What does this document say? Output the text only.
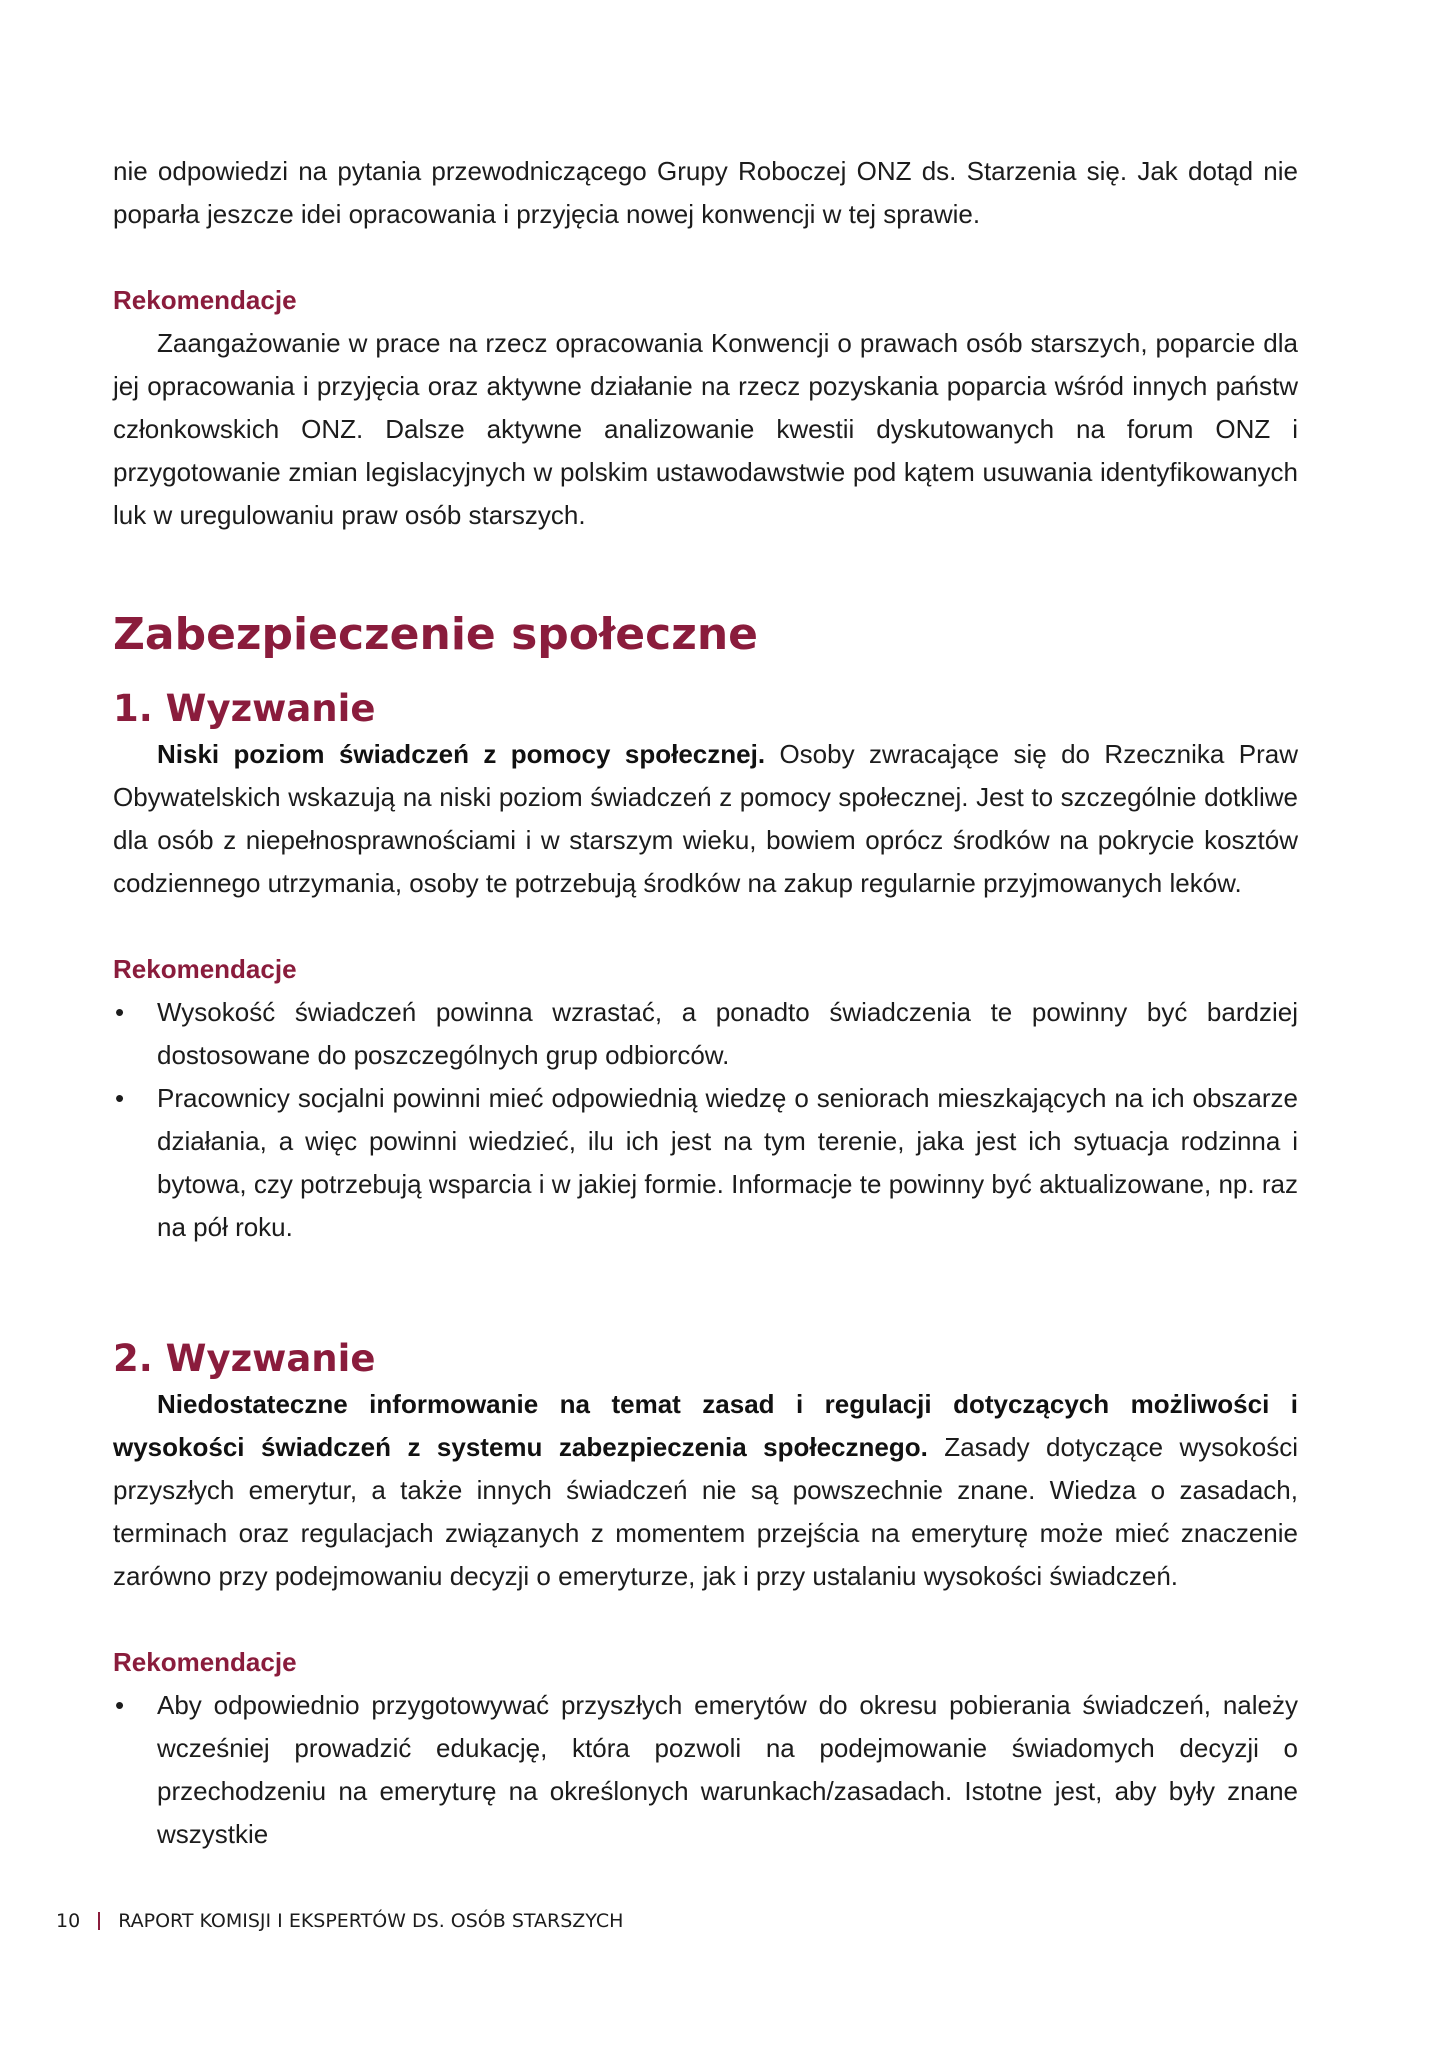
nie odpowiedzi na pytania przewodniczącego Grupy Roboczej ONZ ds. Starzenia się. Jak dotąd nie poparła jeszcze idei opracowania i przyjęcia nowej konwencji w tej sprawie.

Rekomendacje

Zaangażowanie w prace na rzecz opracowania Konwencji o prawach osób starszych, poparcie dla jej opracowania i przyjęcia oraz aktywne działanie na rzecz pozyskania poparcia wśród innych państw członkowskich ONZ. Dalsze aktywne analizowanie kwestii dyskutowanych na forum ONZ i przygotowanie zmian legislacyjnych w polskim ustawodawstwie pod kątem usuwania identyfikowanych luk w uregulowaniu praw osób starszych.

Zabezpieczenie społeczne
1. Wyzwanie

Niski poziom świadczeń z pomocy społecznej. Osoby zwracające się do Rzecznika Praw Obywatelskich wskazują na niski poziom świadczeń z pomocy społecznej. Jest to szczególnie dotkliwe dla osób z niepełnosprawnościami i w starszym wieku, bowiem oprócz środków na pokrycie kosztów codziennego utrzymania, osoby te potrzebują środków na zakup regularnie przyjmowanych leków.

Rekomendacje

• Wysokość świadczeń powinna wzrastać, a ponadto świadczenia te powinny być bardziej dostosowane do poszczególnych grup odbiorców.
• Pracownicy socjalni powinni mieć odpowiednią wiedzę o seniorach mieszkających na ich obszarze działania, a więc powinni wiedzieć, ilu ich jest na tym terenie, jaka jest ich sytuacja rodzinna i bytowa, czy potrzebują wsparcia i w jakiej formie. Informacje te powinny być aktualizowane, np. raz na pół roku.
2. Wyzwanie

Niedostateczne informowanie na temat zasad i regulacji dotyczących możliwości i wysokości świadczeń z systemu zabezpieczenia społecznego. Zasady dotyczące wysokości przyszłych emerytur, a także innych świadczeń nie są powszechnie znane. Wiedza o zasadach, terminach oraz regulacjach związanych z momentem przejścia na emeryturę może mieć znaczenie zarówno przy podejmowaniu decyzji o emeryturze, jak i przy ustalaniu wysokości świadczeń.

Rekomendacje

• Aby odpowiednio przygotowywać przyszłych emerytów do okresu pobierania świadczeń, należy wcześniej prowadzić edukację, która pozwoli na podejmowanie świadomych decyzji o przechodzeniu na emeryturę na określonych warunkach/zasadach. Istotne jest, aby były znane wszystkie
10 RAPORT KOMISJI I EKSPERTÓW DS. OSÓB STARSZYCH
